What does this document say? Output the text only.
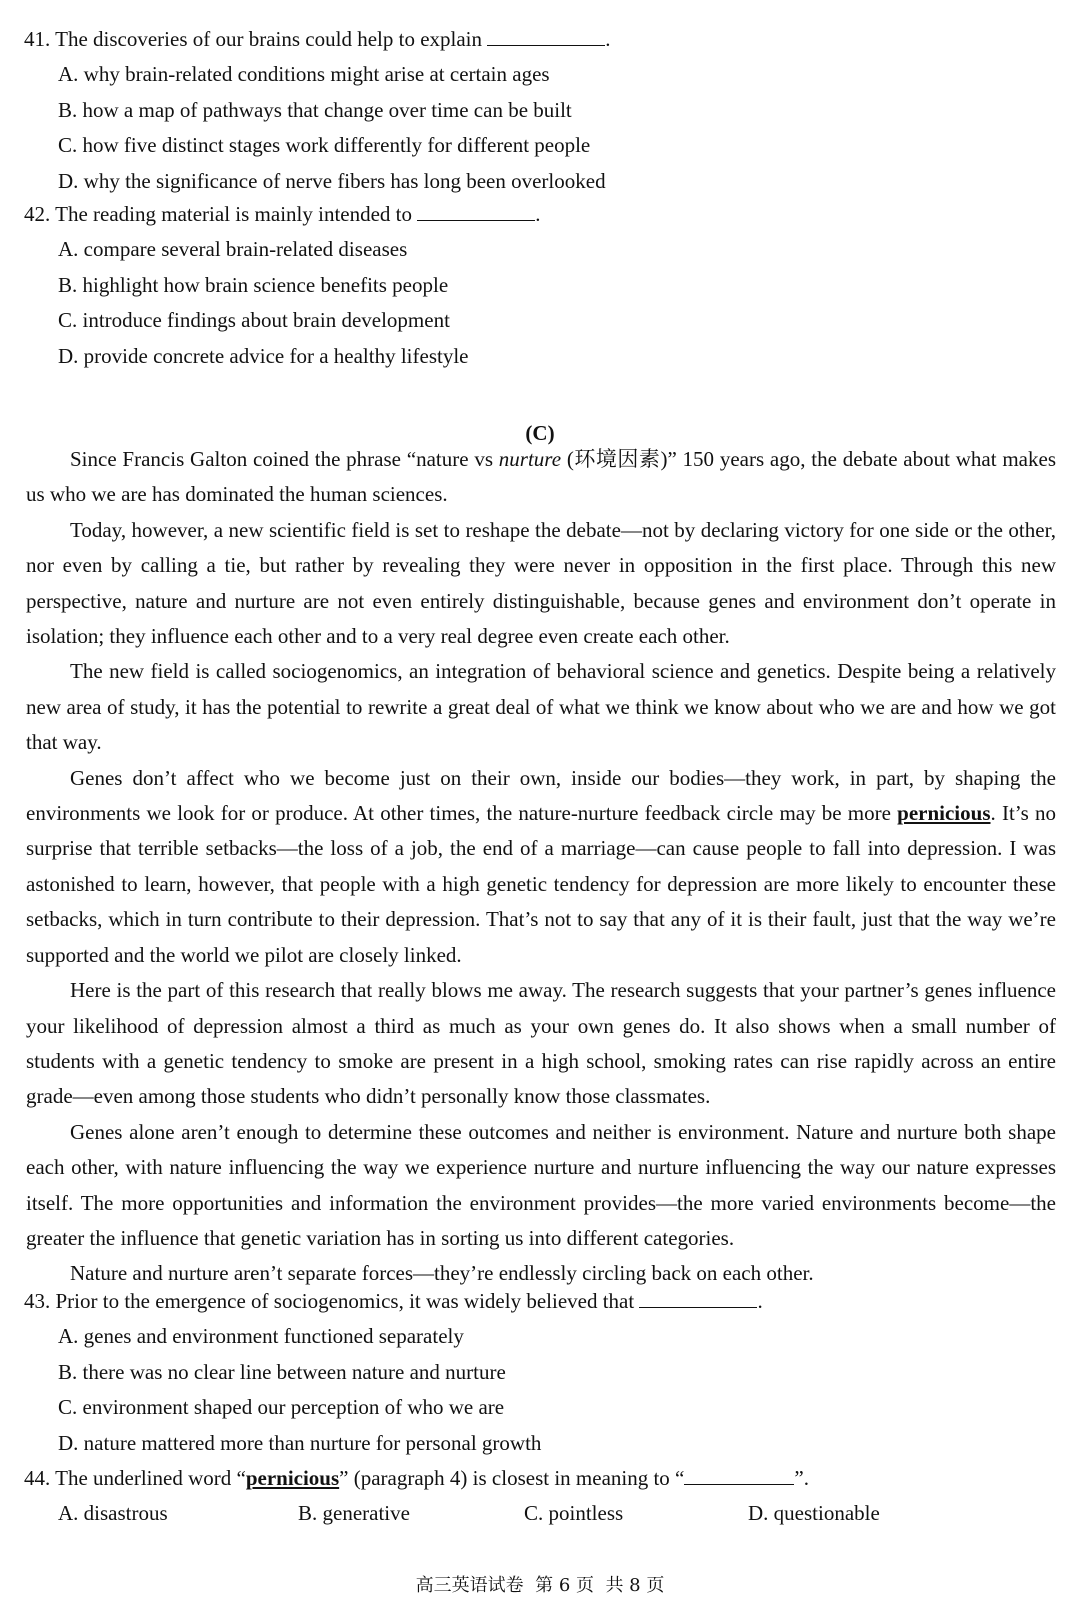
41. The discoveries of our brains could help to explain	.
A. why brain-related conditions might arise at certain ages
B. how a map of pathways that change over time can be built
C. how five distinct stages work differently for different people
D. why the significance of nerve fibers has long been overlooked
42. The reading material is mainly intended to	.
A. compare several brain-related diseases
B. highlight how brain science benefits people
C. introduce findings about brain development
D. provide concrete advice for a healthy lifestyle
(C)

Since Francis Galton coined the phrase “nature vs nurture (环境因素)” 150 years ago, the debate about what makes us who we are has dominated the human sciences.

Today, however, a new scientific field is set to reshape the debate—not by declaring victory for one side or the other, nor even by calling a tie, but rather by revealing they were never in opposition in the first place. Through this new perspective, nature and nurture are not even entirely distinguishable, because genes and environment don’t operate in isolation; they influence each other and to a very real degree even create each other.

The new field is called sociogenomics, an integration of behavioral science and genetics. Despite being a relatively new area of study, it has the potential to rewrite a great deal of what we think we know about who we are and how we got that way.

Genes don’t affect who we become just on their own, inside our bodies—they work, in part, by shaping the environments we look for or produce. At other times, the nature-nurture feedback circle may be more pernicious. It’s no surprise that terrible setbacks—the loss of a job, the end of a marriage—can cause people to fall into depression. I was astonished to learn, however, that people with a high genetic tendency for depression are more likely to encounter these setbacks, which in turn contribute to their depression. That’s not to say that any of it is their fault, just that the way we’re supported and the world we pilot are closely linked.

Here is the part of this research that really blows me away. The research suggests that your partner’s genes influence your likelihood of depression almost a third as much as your own genes do. It also shows when a small number of students with a genetic tendency to smoke are present in a high school, smoking rates can rise rapidly across an entire grade—even among those students who didn’t personally know those classmates.

Genes alone aren’t enough to determine these outcomes and neither is environment. Nature and nurture both shape each other, with nature influencing the way we experience nurture and nurture influencing the way our nature expresses itself. The more opportunities and information the environment provides—the more varied environments become—the greater the influence that genetic variation has in sorting us into different categories.

Nature and nurture aren’t separate forces—they’re endlessly circling back on each other.

43. Prior to the emergence of sociogenomics, it was widely believed that	.
A. genes and environment functioned separately
B. there was no clear line between nature and nurture
C. environment shaped our perception of who we are
D. nature mattered more than nurture for personal growth
44. The underlined word “pernicious” (paragraph 4) is closest in meaning to “	”.
A. disastrous	B. generative	C. pointless	D. questionable
高三英语试卷  第 6 页  共 8 页
